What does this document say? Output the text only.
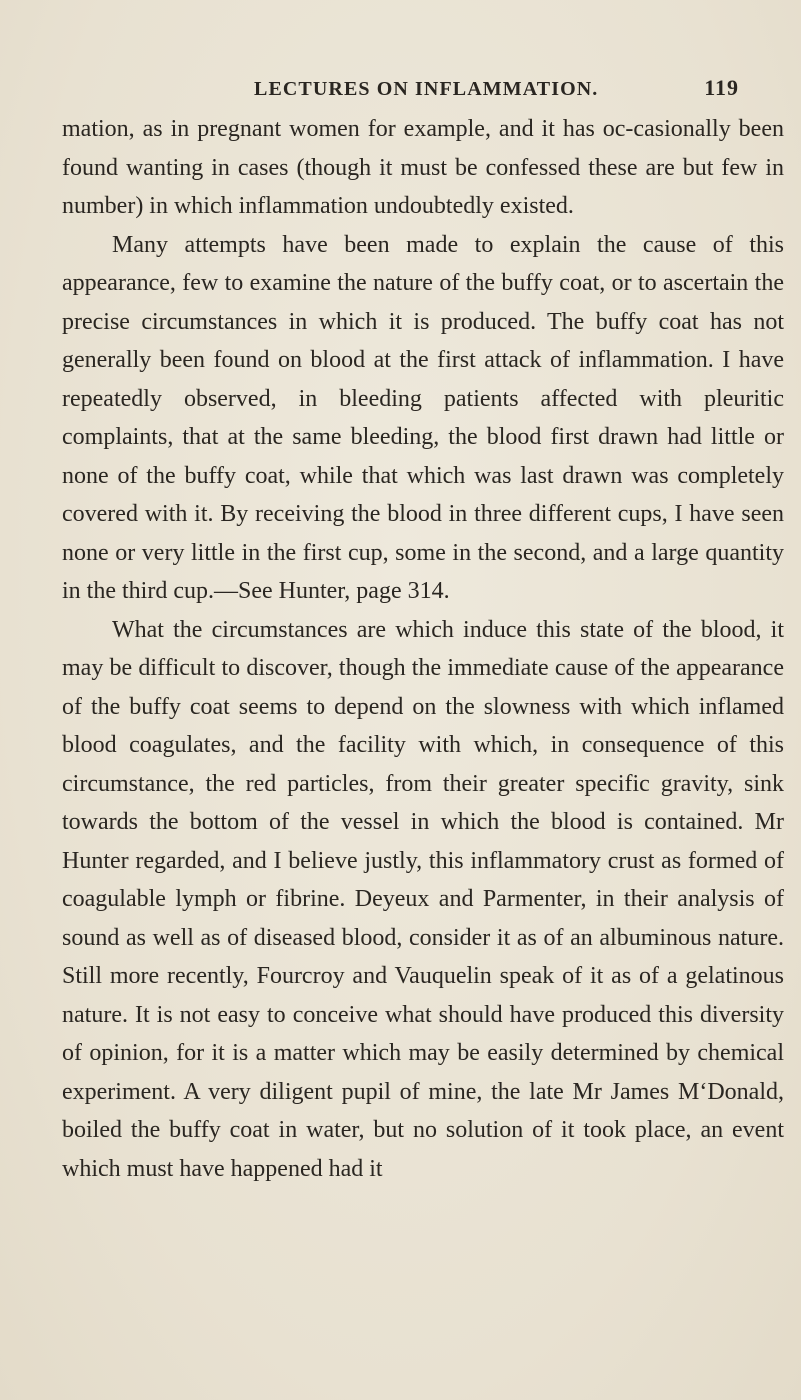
LECTURES ON INFLAMMATION.	119

mation, as in pregnant women for example, and it has oc-casionally been found wanting in cases (though it must be confessed these are but few in number) in which inflammation undoubtedly existed.

Many attempts have been made to explain the cause of this appearance, few to examine the nature of the buffy coat, or to ascertain the precise circumstances in which it is produced. The buffy coat has not generally been found on blood at the first attack of inflammation. I have repeatedly observed, in bleeding patients affected with pleuritic complaints, that at the same bleeding, the blood first drawn had little or none of the buffy coat, while that which was last drawn was completely covered with it. By receiving the blood in three different cups, I have seen none or very little in the first cup, some in the second, and a large quantity in the third cup.—See Hunter, page 314.

What the circumstances are which induce this state of the blood, it may be difficult to discover, though the immediate cause of the appearance of the buffy coat seems to depend on the slowness with which inflamed blood coagulates, and the facility with which, in consequence of this circumstance, the red particles, from their greater specific gravity, sink towards the bottom of the vessel in which the blood is contained. Mr Hunter regarded, and I believe justly, this inflammatory crust as formed of coagulable lymph or fibrine. Deyeux and Parmenter, in their analysis of sound as well as of diseased blood, consider it as of an albuminous nature. Still more recently, Fourcroy and Vauquelin speak of it as of a gelatinous nature. It is not easy to conceive what should have produced this diversity of opinion, for it is a matter which may be easily determined by chemical experiment. A very diligent pupil of mine, the late Mr James M‘Donald, boiled the buffy coat in water, but no solution of it took place, an event which must have happened had it
